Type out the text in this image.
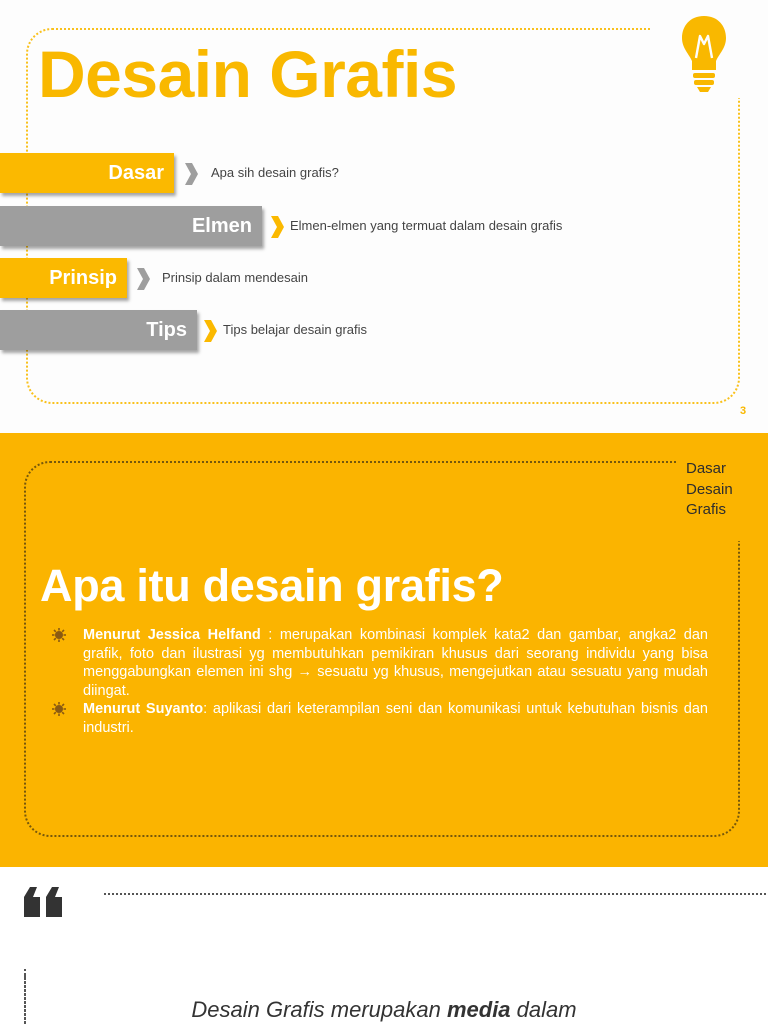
Desain Grafis
Dasar	Apa sih desain grafis?
Elmen	Elmen-elmen yang termuat dalam desain grafis
Prinsip	Prinsip dalam mendesain
Tips	Tips belajar desain grafis
3
Dasar
Desain
Grafis
Apa itu desain grafis?
Menurut Jessica Helfand : merupakan kombinasi komplek kata2 dan gambar, angka2 dan grafik, foto dan ilustrasi yg membutuhkan pemikiran khusus dari seorang individu yang bisa menggabungkan elemen ini shg → sesuatu yg khusus, mengejutkan atau sesuatu yang mudah diingat.
Menurut Suyanto: aplikasi dari keterampilan seni dan komunikasi untuk kebutuhan bisnis dan industri.
Desain Grafis merupakan media dalam
